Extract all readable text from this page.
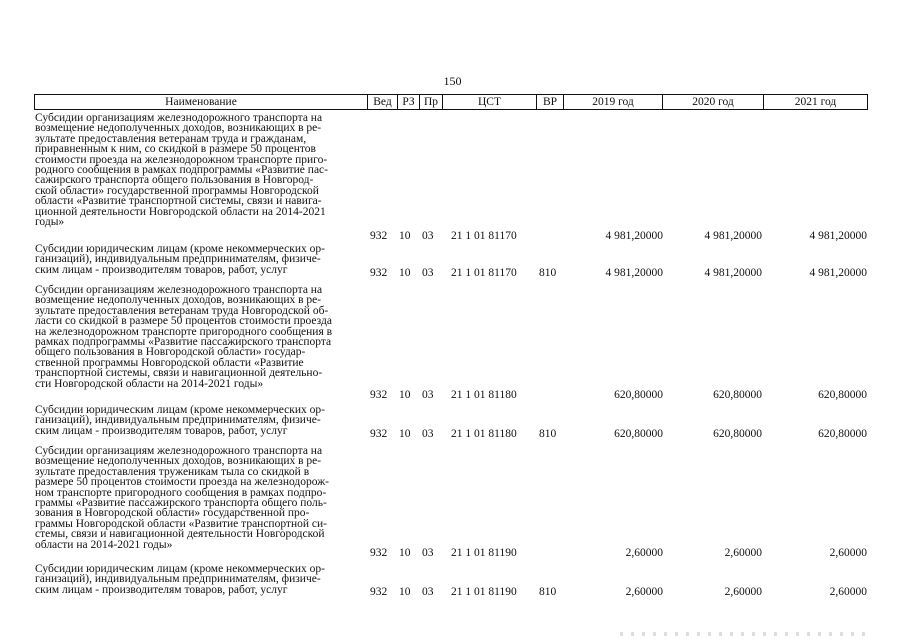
150
Наименование	Вед РЗ Пр	ЦСТ	ВР	2019 год	2020 год	2021 год
Субсидии организациям железнодорожного транспорта на
возмещение недополученных доходов, возникающих в ре-
зультате предоставления ветеранам труда и гражданам,
приравненным к ним, со скидкой в размере 50 процентов
стоимости проезда на железнодорожном транспорте приго-
родного сообщения в рамках подпрограммы «Развитие пас-
сажирского транспорта общего пользования в Новгород-
ской области» государственной программы Новгородской
области «Развитие транспортной системы, связи и навига-
ционной деятельности Новгородской области на 2014-2021
годы»
932 10 03 21 1 01 81170	4 981,20000	4 981,20000	4 981,20000
Субсидии юридическим лицам (кроме некоммерческих ор-
ганизаций), индивидуальным предпринимателям, физиче-
ским лицам - производителям товаров, работ, услуг	932 10 03 21 1 01 81170 810	4 981,20000	4 981,20000	4 981,20000
Субсидии организациям железнодорожного транспорта на
возмещение недополученных доходов, возникающих в ре-
зультате предоставления ветеранам труда Новгородской об-
ласти со скидкой в размере 50 процентов стоимости проезда
на железнодорожном транспорте пригородного сообщения в
рамках подпрограммы «Развитие пассажирского транспорта
общего пользования в Новгородской области» государ-
ственной программы Новгородской области «Развитие
транспортной системы, связи и навигационной деятельно-
сти Новгородской области на 2014-2021 годы»
932 10 03 21 1 01 81180	620,80000	620,80000	620,80000
Субсидии юридическим лицам (кроме некоммерческих ор-
ганизаций), индивидуальным предпринимателям, физиче-
ским лицам - производителям товаров, работ, услуг	932 10 03 21 1 01 81180 810	620,80000	620,80000	620,80000
Субсидии организациям железнодорожного транспорта на
возмещение недополученных доходов, возникающих в ре-
зультате предоставления труженикам тыла со скидкой в
размере 50 процентов стоимости проезда на железнодорож-
ном транспорте пригородного сообщения в рамках подпро-
граммы «Развитие пассажирского транспорта общего поль-
зования в Новгородской области» государственной про-
граммы Новгородской области «Развитие транспортной си-
стемы, связи и навигационной деятельности Новгородской
области на 2014-2021 годы»
932 10 03 21 1 01 81190	2,60000	2,60000	2,60000
Субсидии юридическим лицам (кроме некоммерческих ор-
ганизаций), индивидуальным предпринимателям, физиче-
ским лицам - производителям товаров, работ, услуг	932 10 03 21 1 01 81190 810	2,60000	2,60000	2,60000
